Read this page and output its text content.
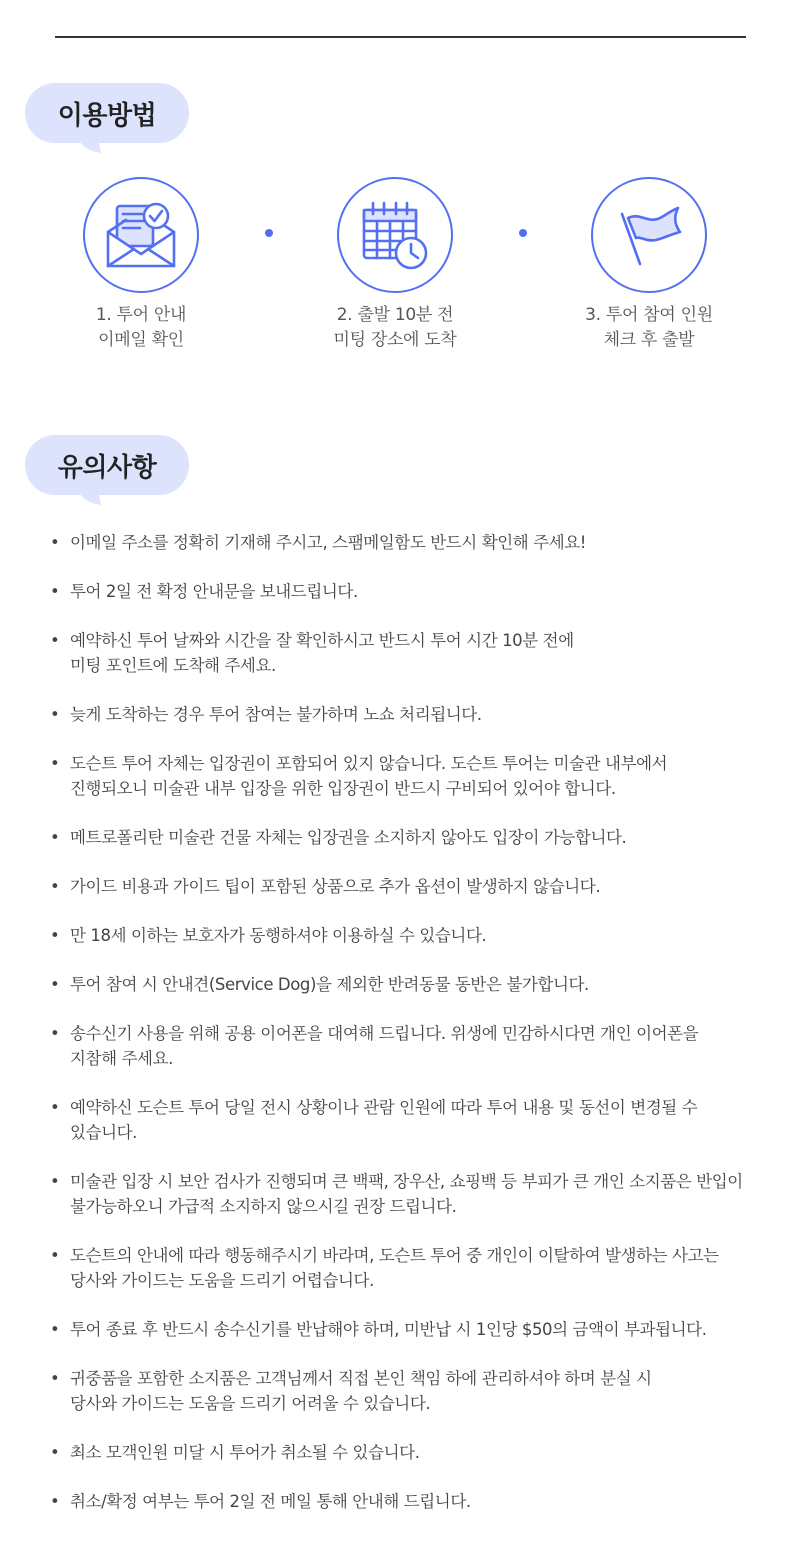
이용방법
1. 투어 안내
이메일 확인
2. 출발 10분 전
미팅 장소에 도착
3. 투어 참여 인원
체크 후 출발
유의사항
• 이메일 주소를 정확히 기재해 주시고, 스팸메일함도 반드시 확인해 주세요!
• 투어 2일 전 확정 안내문을 보내드립니다.
• 예약하신 투어 날짜와 시간을 잘 확인하시고 반드시 투어 시간 10분 전에
미팅 포인트에 도착해 주세요.
• 늦게 도착하는 경우 투어 참여는 불가하며 노쇼 처리됩니다.
• 도슨트 투어 자체는 입장권이 포함되어 있지 않습니다. 도슨트 투어는 미술관 내부에서
진행되오니 미술관 내부 입장을 위한 입장권이 반드시 구비되어 있어야 합니다.
• 메트로폴리탄 미술관 건물 자체는 입장권을 소지하지 않아도 입장이 가능합니다.
• 가이드 비용과 가이드 팁이 포함된 상품으로 추가 옵션이 발생하지 않습니다.
• 만 18세 이하는 보호자가 동행하셔야 이용하실 수 있습니다.
• 투어 참여 시 안내견(Service Dog)을 제외한 반려동물 동반은 불가합니다.
• 송수신기 사용을 위해 공용 이어폰을 대여해 드립니다. 위생에 민감하시다면 개인 이어폰을
지참해 주세요.
• 예약하신 도슨트 투어 당일 전시 상황이나 관람 인원에 따라 투어 내용 및 동선이 변경될 수
있습니다.
• 미술관 입장 시 보안 검사가 진행되며 큰 백팩, 장우산, 쇼핑백 등 부피가 큰 개인 소지품은 반입이
불가능하오니 가급적 소지하지 않으시길 권장 드립니다.
• 도슨트의 안내에 따라 행동해주시기 바라며, 도슨트 투어 중 개인이 이탈하여 발생하는 사고는
당사와 가이드는 도움을 드리기 어렵습니다.
• 투어 종료 후 반드시 송수신기를 반납해야 하며, 미반납 시 1인당 $50의 금액이 부과됩니다.
• 귀중품을 포함한 소지품은 고객님께서 직접 본인 책임 하에 관리하셔야 하며 분실 시
당사와 가이드는 도움을 드리기 어려울 수 있습니다.
• 최소 모객인원 미달 시 투어가 취소될 수 있습니다.
• 취소/확정 여부는 투어 2일 전 메일 통해 안내해 드립니다.
